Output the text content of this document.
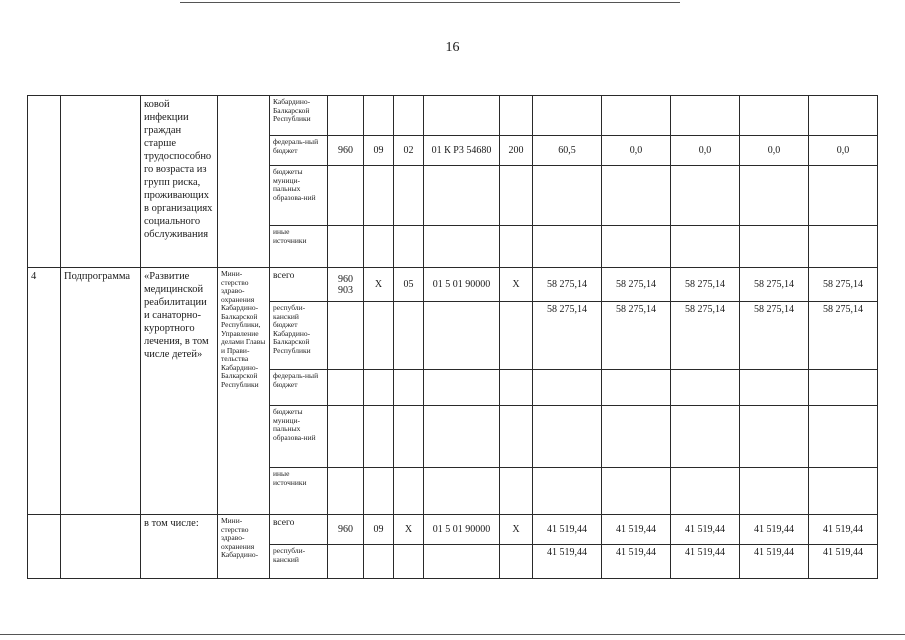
16
		ковой инфекции граждан старше трудоспособно го возраста из групп риска, проживающих в организациях социального обслуживания		Кабардино-Балкарской Республики										
				федераль-ный бюджет	960	09	02	01 К Р3 54680	200	60,5	0,0	0,0	0,0	0,0
				бюджеты муници-пальных образова-ний										
				иные источники										
4	Подпрограмма	«Развитие медицинской реабилитации и санаторно-курортного лечения, в том числе детей»	Мини-стерство здраво-охранения Кабардино-Балкарской Республики, Управление делами Главы и Прави-тельства Кабардино-Балкарской Республики	всего	960 903	Х	05	01 5 01 90000	Х	58 275,14	58 275,14	58 275,14	58 275,14	58 275,14
				республи-канский бюджет Кабардино-Балкарской Республики						58 275,14	58 275,14	58 275,14	58 275,14	58 275,14
				федераль-ный бюджет										
				бюджеты муници-пальных образова-ний										
				иные источники										
		в том числе:	Мини-стерство здраво-охранения Кабардино-	всего	960	09	Х	01 5 01 90000	Х	41 519,44	41 519,44	41 519,44	41 519,44	41 519,44
				республи-канский						41 519,44	41 519,44	41 519,44	41 519,44	41 519,44
